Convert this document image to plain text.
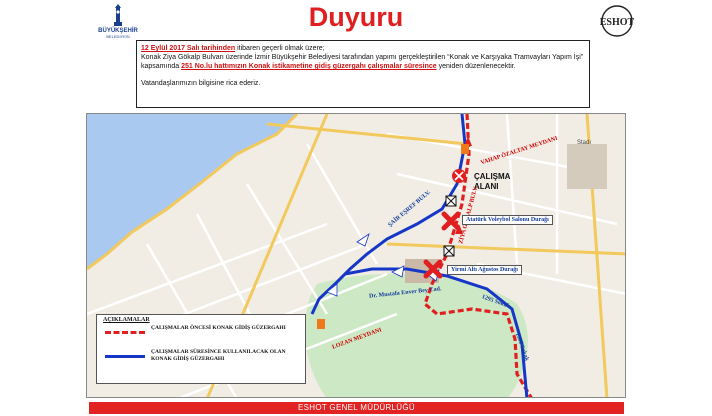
BÜYÜKŞEHİR
BELEDİYESİ
Duyuru	ESHOT
12 Eylül 2017 Salı tarihinden itibaren geçerli olmak üzere;
Konak Ziya Gökalp Bulvarı üzerinde İzmir Büyükşehir Belediyesi tarafından yapımı gerçekleştirilen “Konak ve Karşıyaka Tramvayları Yapım İşi” kapsamında 251 No.lu hattımızın Konak istikametine gidiş güzergahı çalışmalar süresince yeniden düzenlenecektir.
Vatandaşlarımızın bilgisine rica ederiz.
Stadı
ÇALIŞMA
ALANI
VAHAP ÖZALTAY MEYDANI
LOZAN MEYDANI
ZİYA BULV.
ŞAİR EŞREF BULV.
Dr. Mustafa Enver Bey Cad.
1295 Sokak
1396 Sokak
Atatürk Voleybol Salonu Durağı
Yirmi Altı Ağustos Durağı
AÇIKLAMALAR
ÇALIŞMALAR ÖNCESİ KONAK GİDİŞ GÜZERGAHI
ÇALIŞMALAR SÜRESİNCE KULLANILACAK OLAN KONAK GİDİŞ GÜZERGAHI
ESHOT GENEL MÜDÜRLÜĞÜ
